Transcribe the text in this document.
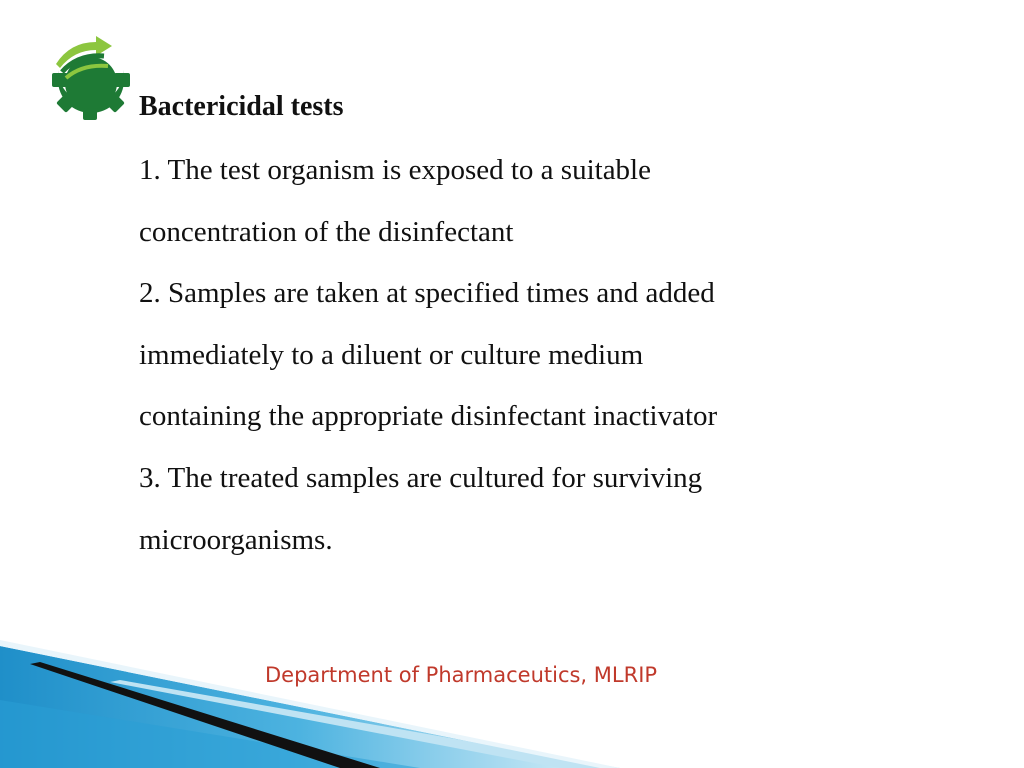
Bactericidal tests
1. The test organism is exposed to a suitable
concentration of the disinfectant
2. Samples are taken at specified times and added
immediately to a diluent or culture medium
containing the appropriate disinfectant inactivator
3. The treated samples are cultured for surviving
microorganisms.
Department of Pharmaceutics, MLRIP
